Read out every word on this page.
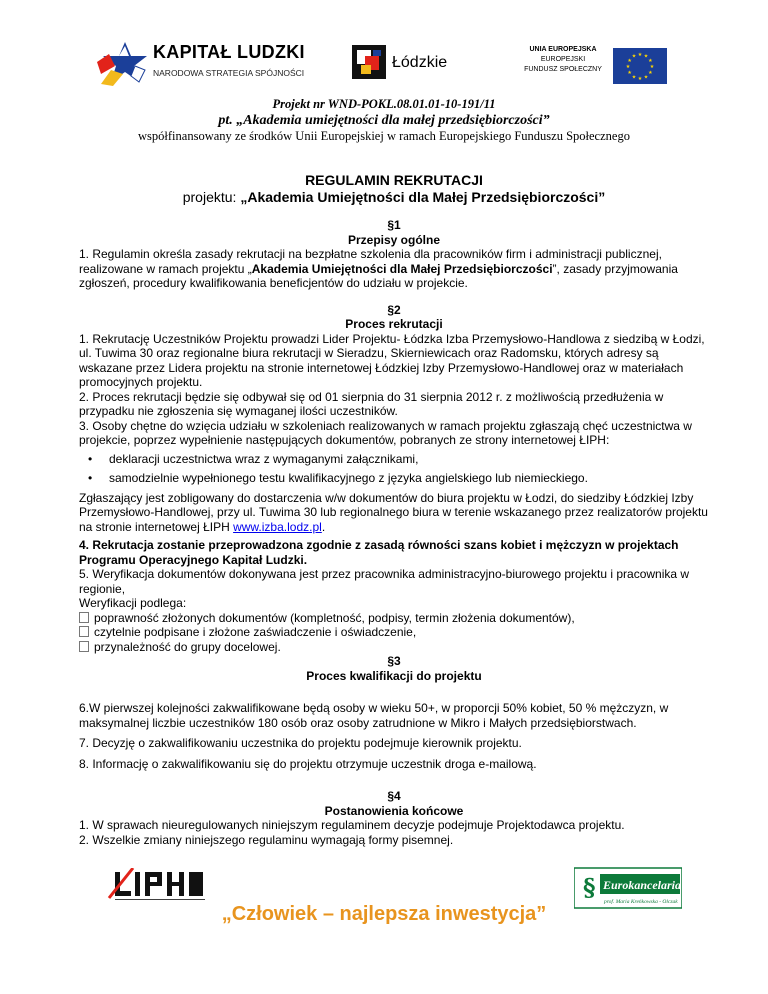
KAPITAŁ LUDZKI
NARODOWA STRATEGIA SPÓJNOŚCI
Łódzkie
UNIA EUROPEJSKA
EUROPEJSKI
FUNDUSZ SPOŁECZNY
★ ★
★
★
★
★
★
★
★
★
★
★
Projekt nr WND-POKL.08.01.01-10-191/11
pt. „Akademia umiejętności dla małej przedsiębiorczości”
współfinansowany ze środków Unii Europejskiej w ramach Europejskiego Funduszu Społecznego
REGULAMIN REKRUTACJI
projektu: „Akademia Umiejętności dla Małej Przedsiębiorczości”
§1
Przepisy ogólne

1. Regulamin określa zasady rekrutacji na bezpłatne szkolenia dla pracowników firm i administracji publicznej, realizowane w ramach projektu „Akademia Umiejętności dla Małej Przedsiębiorczości”, zasady przyjmowania zgłoszeń, procedury kwalifikowania beneficjentów do udziału w projekcie.

§2
Proces rekrutacji

1. Rekrutację Uczestników Projektu prowadzi Lider Projektu- Łódzka Izba Przemysłowo-Handlowa z siedzibą w Łodzi, ul. Tuwima 30 oraz regionalne biura rekrutacji w Sieradzu, Skierniewicach oraz Radomsku, których adresy są wskazane przez Lidera projektu na stronie internetowej Łódzkiej Izby Przemysłowo-Handlowej oraz w materiałach promocyjnych projektu.

2. Proces rekrutacji będzie się odbywał się od 01 sierpnia do 31 sierpnia 2012 r. z możliwością przedłużenia w przypadku nie zgłoszenia się wymaganej ilości uczestników.

3. Osoby chętne do wzięcia udziału w szkoleniach realizowanych w ramach projektu zgłaszają chęć uczestnictwa w projekcie, poprzez wypełnienie następujących dokumentów, pobranych ze strony internetowej ŁIPH:

• deklaracji uczestnictwa wraz z wymaganymi załącznikami,
• samodzielnie wypełnionego testu kwalifikacyjnego z języka angielskiego lub niemieckiego.

Zgłaszający jest zobligowany do dostarczenia w/w dokumentów do biura projektu w Łodzi, do siedziby Łódzkiej Izby Przemysłowo-Handlowej, przy ul. Tuwima 30 lub regionalnego biura w terenie wskazanego przez realizatorów projektu na stronie internetowej ŁIPH www.izba.lodz.pl.

4. Rekrutacja zostanie przeprowadzona zgodnie z zasadą równości szans kobiet i mężczyzn w projektach Programu Operacyjnego Kapitał Ludzki.

5. Weryfikacja dokumentów dokonywana jest przez pracownika administracyjno-biurowego projektu i pracownika w regionie,

Weryfikacji podlega:

poprawność złożonych dokumentów (kompletność, podpisy, termin złożenia dokumentów),
czytelnie podpisane i złożone zaświadczenie i oświadczenie,
przynależność do grupy docelowej.
§3
Proces kwalifikacji do projektu

6.W pierwszej kolejności zakwalifikowane będą osoby w wieku 50+, w proporcji 50% kobiet, 50 % mężczyzn, w maksymalnej liczbie uczestników 180 osób oraz osoby zatrudnione w Mikro i Małych przedsiębiorstwach.

7. Decyzję o zakwalifikowaniu uczestnika do projektu podejmuje kierownik projektu.

8. Informację o zakwalifikowaniu się do projektu otrzymuje uczestnik droga e-mailową.

§4
Postanowienia końcowe

1. W sprawach nieuregulowanych niniejszym regulaminem decyzje podejmuje Projektodawca projektu.

2. Wszelkie zmiany niniejszego regulaminu wymagają formy pisemnej.

§ Eurokancelaria
prof. Maria Kreńkowska - Olczak
„Człowiek – najlepsza inwestycja”
